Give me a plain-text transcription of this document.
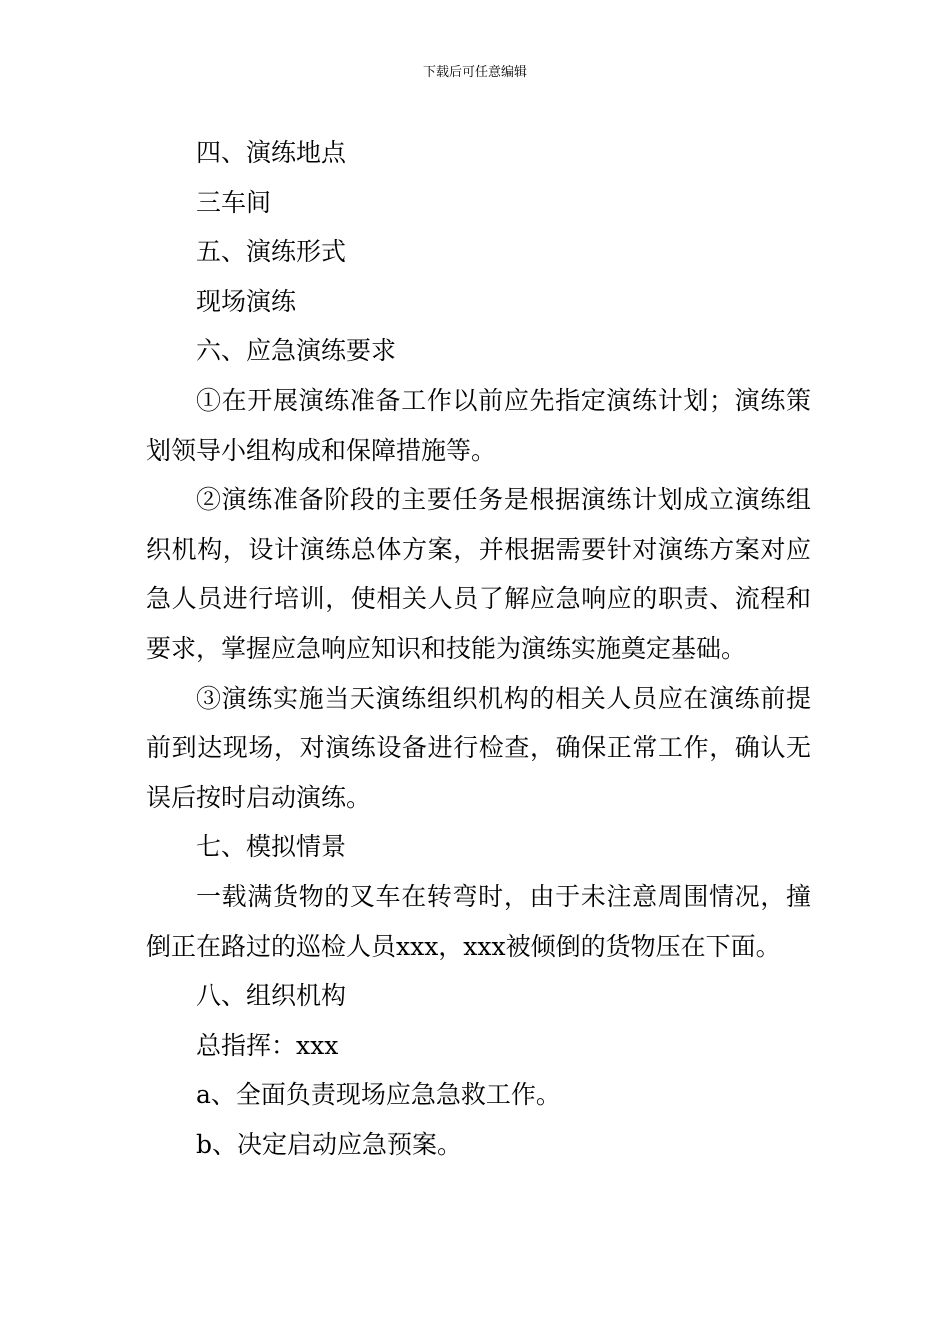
下载后可任意编辑

四、演练地点

三车间

五、演练形式

现场演练

六、应急演练要求

①在开展演练准备工作以前应先指定演练计划；演练策划领导小组构成和保障措施等。

②演练准备阶段的主要任务是根据演练计划成立演练组织机构，设计演练总体方案，并根据需要针对演练方案对应急人员进行培训，使相关人员了解应急响应的职责、流程和要求，掌握应急响应知识和技能为演练实施奠定基础。

③演练实施当天演练组织机构的相关人员应在演练前提前到达现场，对演练设备进行检查，确保正常工作，确认无误后按时启动演练。

七、模拟情景

一载满货物的叉车在转弯时，由于未注意周围情况，撞倒正在路过的巡检人员xxx，xxx被倾倒的货物压在下面。

八、组织机构

总指挥：xxx

a、全面负责现场应急急救工作。

b、决定启动应急预案。
